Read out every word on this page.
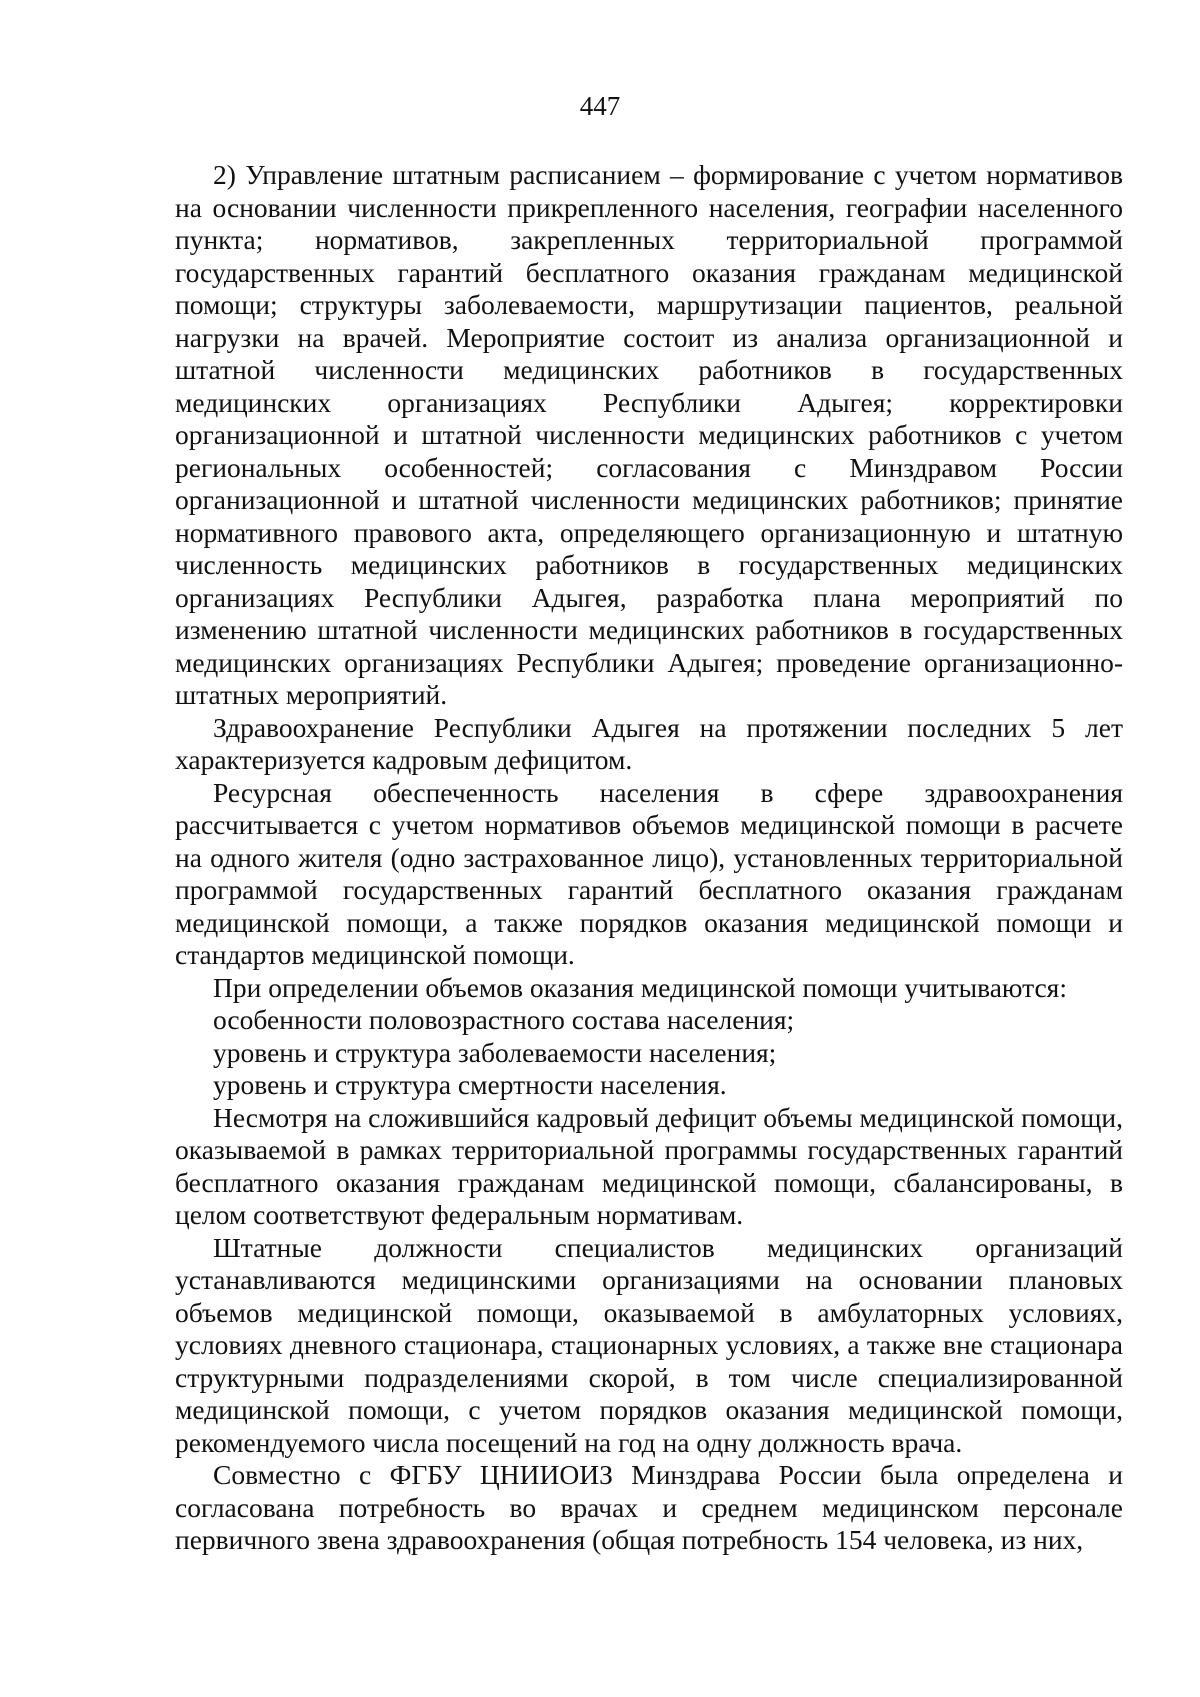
447

2) Управление штатным расписанием – формирование с учетом нормативов на основании численности прикрепленного населения, географии населенного пункта; нормативов, закрепленных территориальной программой государственных гарантий бесплатного оказания гражданам медицинской помощи; структуры заболеваемости, маршрутизации пациентов, реальной нагрузки на врачей. Мероприятие состоит из анализа организационной и штатной численности медицинских работников в государственных медицинских организациях Республики Адыгея; корректировки организационной и штатной численности медицинских работников с учетом региональных особенностей; согласования с Минздравом России организационной и штатной численности медицинских работников; принятие нормативного правового акта, определяющего организационную и штатную численность медицинских работников в государственных медицинских организациях Республики Адыгея, разработка плана мероприятий по изменению штатной численности медицинских работников в государственных медицинских организациях Республики Адыгея; проведение организационно-штатных мероприятий.

Здравоохранение Республики Адыгея на протяжении последних 5 лет характеризуется кадровым дефицитом.

Ресурсная обеспеченность населения в сфере здравоохранения рассчитывается с учетом нормативов объемов медицинской помощи в расчете на одного жителя (одно застрахованное лицо), установленных территориальной программой государственных гарантий бесплатного оказания гражданам медицинской помощи, а также порядков оказания медицинской помощи и стандартов медицинской помощи.

При определении объемов оказания медицинской помощи учитываются:

особенности половозрастного состава населения;

уровень и структура заболеваемости населения;

уровень и структура смертности населения.

Несмотря на сложившийся кадровый дефицит объемы медицинской помощи, оказываемой в рамках территориальной программы государственных гарантий бесплатного оказания гражданам медицинской помощи, сбалансированы, в целом соответствуют федеральным нормативам.

Штатные должности специалистов медицинских организаций устанавливаются медицинскими организациями на основании плановых объемов медицинской помощи, оказываемой в амбулаторных условиях, условиях дневного стационара, стационарных условиях, а также вне стационара структурными подразделениями скорой, в том числе специализированной медицинской помощи, с учетом порядков оказания медицинской помощи, рекомендуемого числа посещений на год на одну должность врача.

Совместно с ФГБУ ЦНИИОИЗ Минздрава России была определена и согласована потребность во врачах и среднем медицинском персонале первичного звена здравоохранения (общая потребность 154 человека, из них,
